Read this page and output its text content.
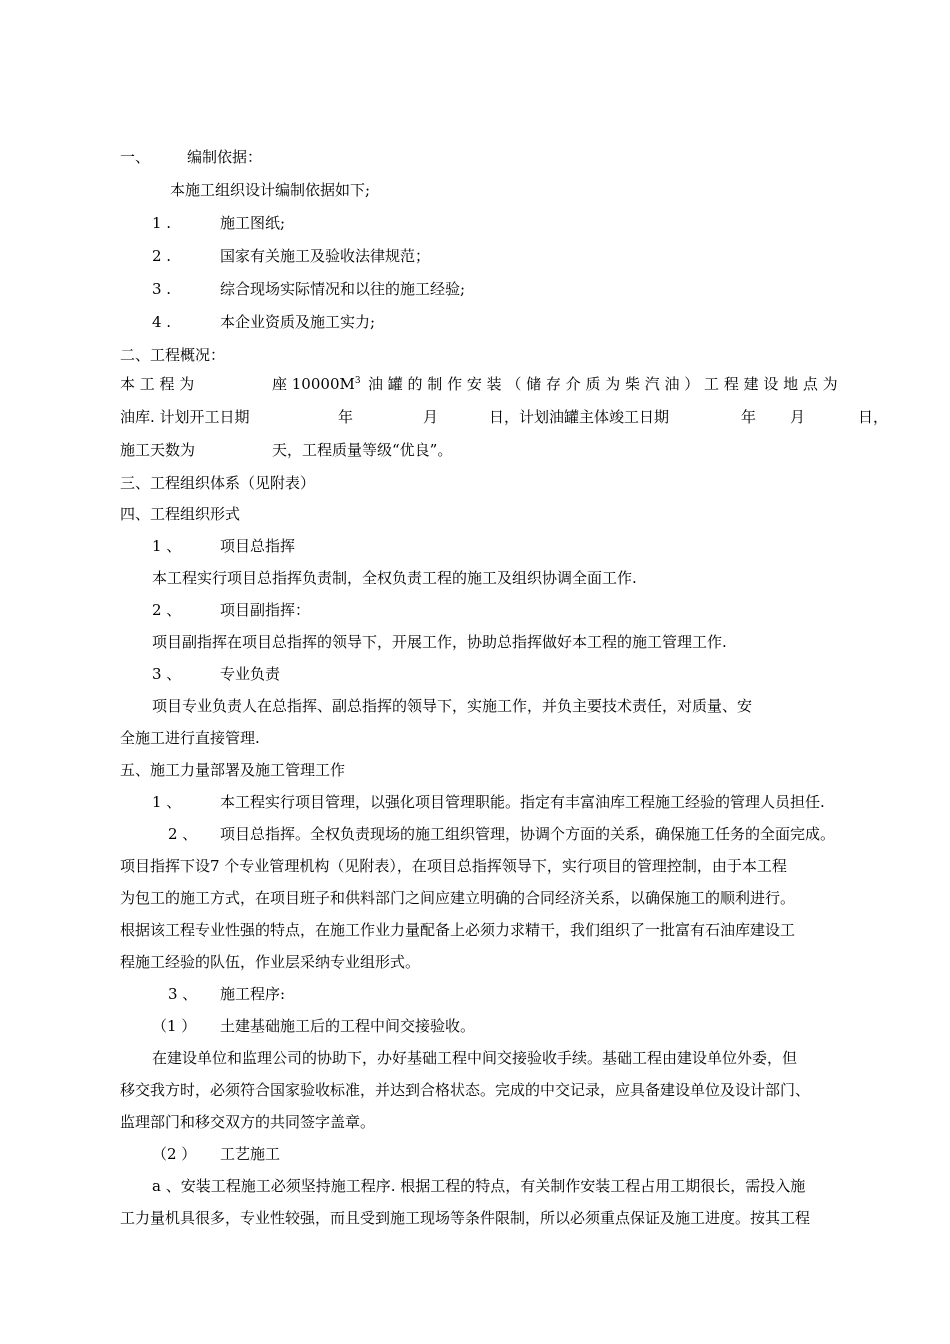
一、 编制依据：
本施工组织设计编制依据如下;
1 .	施工图纸;
2 .	国家有关施工及验收法律规范；
3 .	综合现场实际情况和以往的施工经验;
4 .	本企业资质及施工实力;
二、工程概况：
本 工 程 为	座 $10000M^3$ 油 罐 的 制 作 安 装 （ 储 存 介 质 为 柴 汽 油 ） 工 程 建 设 地 点 为
油库. 计划开工日期	年	月	日，计划油罐主体竣工日期	年 月	日，
施工天数为	天，工程质量等级“优良”。
三、工程组织体系（见附表）
四、工程组织形式
1 、	项目总指挥
本工程实行项目总指挥负责制，全权负责工程的施工及组织协调全面工作.
2 、	项目副指挥：
项目副指挥在项目总指挥的领导下，开展工作，协助总指挥做好本工程的施工管理工作.
3 、	专业负责
项目专业负责人在总指挥、副总指挥的领导下，实施工作，并负主要技术责任，对质量、安
全施工进行直接管理.
五、施工力量部署及施工管理工作
1 、	本工程实行项目管理，以强化项目管理职能。指定有丰富油库工程施工经验的管理人员担任.
2 、 项目总指挥。全权负责现场的施工组织管理，协调个方面的关系，确保施工任务的全面完成。
项目指挥下设7 个专业管理机构（见附表），在项目总指挥领导下，实行项目的管理控制，由于本工程
为包工的施工方式，在项目班子和供料部门之间应建立明确的合同经济关系，以确保施工的顺利进行。
根据该工程专业性强的特点，在施工作业力量配备上必须力求精干，我们组织了一批富有石油库建设工
程施工经验的队伍，作业层采纳专业组形式。
3 、 施工程序:
（1 ） 土建基础施工后的工程中间交接验收。
在建设单位和监理公司的协助下，办好基础工程中间交接验收手续。基础工程由建设单位外委，但
移交我方时，必须符合国家验收标准，并达到合格状态。完成的中交记录，应具备建设单位及设计部门、
监理部门和移交双方的共同签字盖章。
（2 ） 工艺施工
a 、安装工程施工必须坚持施工程序. 根据工程的特点，有关制作安装工程占用工期很长，需投入施
工力量机具很多，专业性较强，而且受到施工现场等条件限制，所以必须重点保证及施工进度。按其工程
